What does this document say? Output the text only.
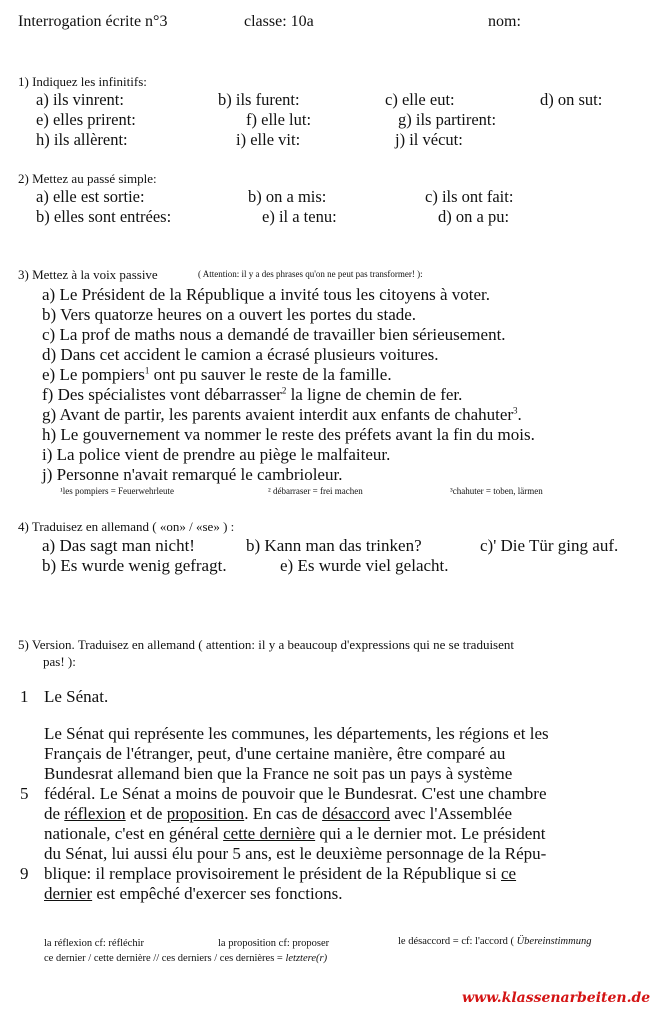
Interrogation écrite n°3	classe: 10a	nom:
1) Indiquez les infinitifs:
a) ils vinrent:	b) ils furent:	c) elle eut:	d) on sut:
e) elles prirent:	f) elle lut:	g) ils partirent:
h) ils allèrent:	i) elle vit:	j) il vécut:
2) Mettez au passé simple:
a) elle est sortie:	b) on a mis:	c) ils ont fait:
b) elles sont entrées:	e) il a tenu:	d) on a pu:
3) Mettez à la voix passive	( Attention: il y a des phrases qu'on ne peut pas transformer! ):
a) Le Président de la République a invité tous les citoyens à voter.
b) Vers quatorze heures on a ouvert les portes du stade.
c) La prof de maths nous a demandé de travailler bien sérieusement.
d) Dans cet accident le camion a écrasé plusieurs voitures.
e) Le pompiers$^1$ ont pu sauver le reste de la famille.
f) Des spécialistes vont débarrasser$^2$ la ligne de chemin de fer.
g) Avant de partir, les parents avaient interdit aux enfants de chahuter$^3$.
h) Le gouvernement va nommer le reste des préfets avant la fin du mois.
i) La police vient de prendre au piège le malfaiteur.
j) Personne n'avait remarqué le cambrioleur.
¹les pompiers = Feuerwehrleute	² débarraser = frei machen	³chahuter = toben, lärmen
4) Traduisez en allemand ( «on» / «se» ) :
a) Das sagt man nicht!	b) Kann man das trinken?	c)' Die Tür ging auf.
b) Es wurde wenig gefragt.	e) Es wurde viel gelacht.
5) Version. Traduisez en allemand ( attention: il y a beaucoup d'expressions qui ne se traduisent
pas! ):
1 Le Sénat.
Le Sénat qui représente les communes, les départements, les régions et les
Français de l'étranger, peut, d'une certaine manière, être comparé au
Bundesrat allemand bien que la France ne soit pas un pays à système
5 fédéral. Le Sénat a moins de pouvoir que le Bundesrat. C'est une chambre
de réflexion et de proposition. En cas de désaccord avec l'Assemblée
nationale, c'est en général cette dernière qui a le dernier mot. Le président
du Sénat, lui aussi élu pour 5 ans, est le deuxième personnage de la Répu-
9 blique: il remplace provisoirement le président de la République si ce
dernier est empêché d'exercer ses fonctions.
la réflexion cf: réfléchir	la proposition cf: proposer	le désaccord = cf: l'accord ( Übereinstimmung
ce dernier / cette dernière // ces derniers / ces dernières = letztere(r)
www.klassenarbeiten.de
